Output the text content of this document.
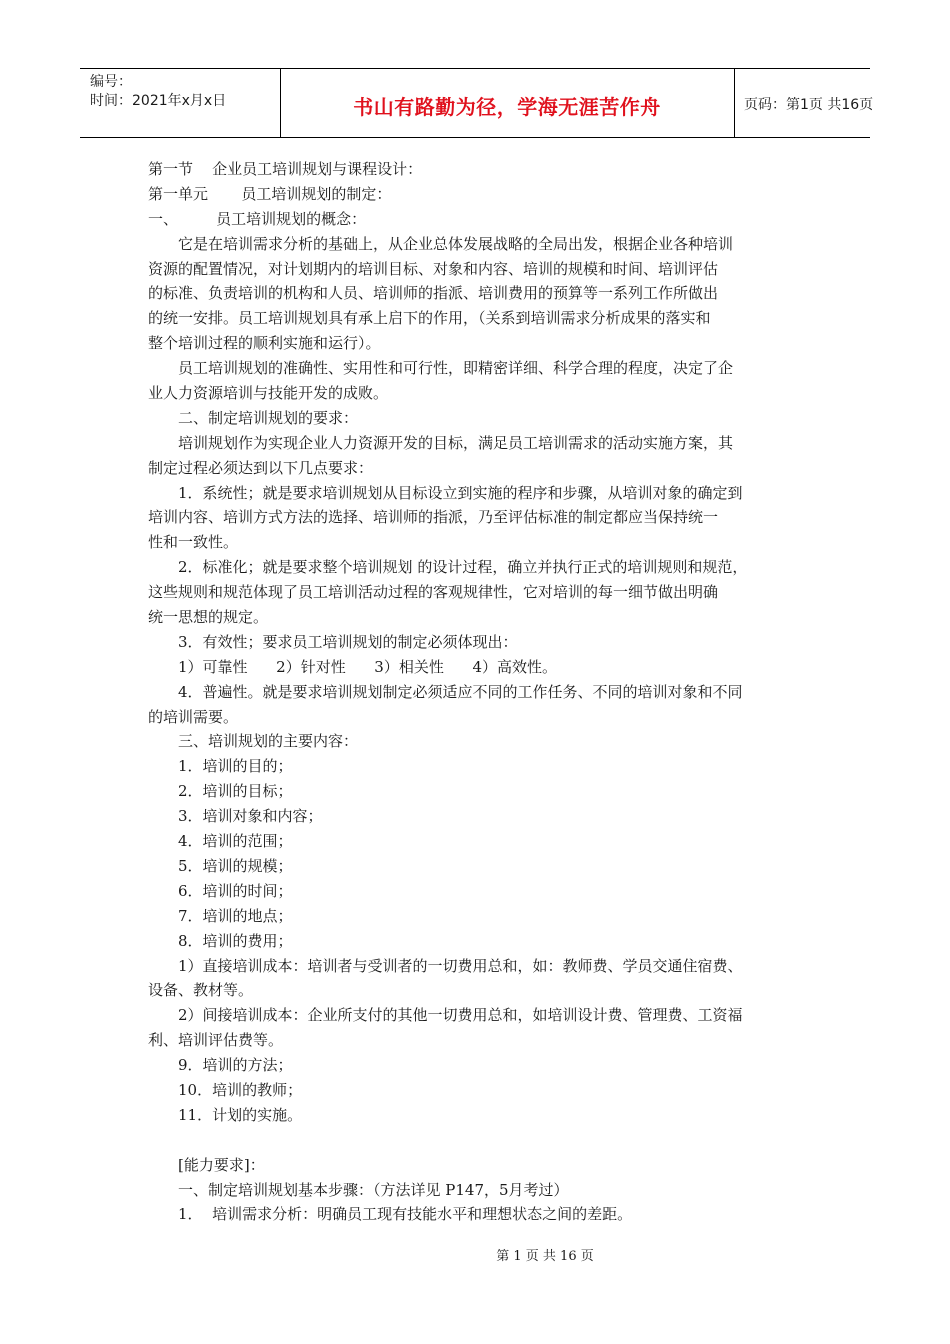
编号：
时间：2021年x月x日	书山有路勤为径，学海无涯苦作舟	页码：第1页 共16页
第一节    企业员工培训规划与课程设计：
第一单元       员工培训规划的制定：
一、        员工培训规划的概念：
它是在培训需求分析的基础上，从企业总体发展战略的全局出发，根据企业各种培训
资源的配置情况，对计划期内的培训目标、对象和内容、培训的规模和时间、培训评估
的标准、负责培训的机构和人员、培训师的指派、培训费用的预算等一系列工作所做出
的统一安排。员工培训规划具有承上启下的作用，（关系到培训需求分析成果的落实和
整个培训过程的顺利实施和运行）。
员工培训规划的准确性、实用性和可行性，即精密详细、科学合理的程度，决定了企
业人力资源培训与技能开发的成败。
二、制定培训规划的要求：
培训规划作为实现企业人力资源开发的目标，满足员工培训需求的活动实施方案，其
制定过程必须达到以下几点要求：
1．系统性；就是要求培训规划从目标设立到实施的程序和步骤，从培训对象的确定到
培训内容、培训方式方法的选择、培训师的指派，乃至评估标准的制定都应当保持统一
性和一致性。
2．标准化；就是要求整个培训规划 的设计过程，确立并执行正式的培训规则和规范，
这些规则和规范体现了员工培训活动过程的客观规律性，它对培训的每一细节做出明确
统一思想的规定。
3．有效性；要求员工培训规划的制定必须体现出：
1）可靠性      2）针对性      3）相关性      4）高效性。
4．普遍性。就是要求培训规划制定必须适应不同的工作任务、不同的培训对象和不同
的培训需要。
三、培训规划的主要内容：
1．培训的目的；
2．培训的目标；
3．培训对象和内容；
4．培训的范围；
5．培训的规模；
6．培训的时间；
7．培训的地点；
8．培训的费用；
1）直接培训成本：培训者与受训者的一切费用总和，如：教师费、学员交通住宿费、
设备、教材等。
2）间接培训成本：企业所支付的其他一切费用总和，如培训设计费、管理费、工资福
利、培训评估费等。
9．培训的方法；
10．培训的教师；
11．计划的实施。
[能力要求]：
一、制定培训规划基本步骤：（方法详见 P147，5月考过）
1．  培训需求分析：明确员工现有技能水平和理想状态之间的差距。
第 1 页 共 16 页
